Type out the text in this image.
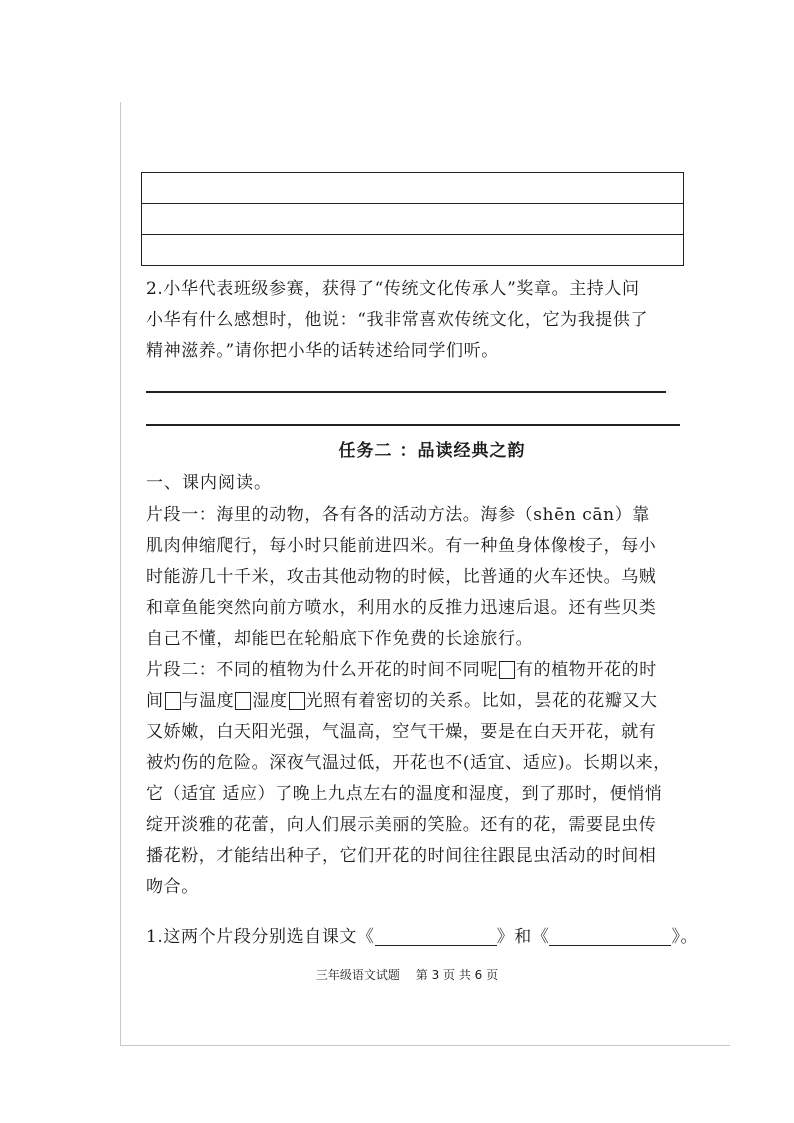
2.小华代表班级参赛，获得了“传统文化传承人”奖章。主持人问
小华有什么感想时，他说：“我非常喜欢传统文化，它为我提供了
精神滋养。”请你把小华的话转述给同学们听。
任务二 ：品读经典之韵
一、课内阅读。
片段一：海里的动物，各有各的活动方法。海参（shēn cān）靠
肌肉伸缩爬行，每小时只能前进四米。有一种鱼身体像梭子，每小
时能游几十千米，攻击其他动物的时候，比普通的火车还快。乌贼
和章鱼能突然向前方喷水，利用水的反推力迅速后退。还有些贝类
自己不懂，却能巴在轮船底下作免费的长途旅行。
片段二：不同的植物为什么开花的时间不同呢 有的植物开花的时
间 与温度 湿度 光照有着密切的关系。比如，昙花的花瓣又大
又娇嫩，白天阳光强，气温高，空气干燥，要是在白天开花，就有
被灼伤的危险。深夜气温过低，开花也不(适宜、适应)。长期以来，
它（适宜 适应）了晚上九点左右的温度和湿度，到了那时，便悄悄
绽开淡雅的花蕾，向人们展示美丽的笑脸。还有的花，需要昆虫传
播花粉，才能结出种子，它们开花的时间往往跟昆虫活动的时间相
吻合。
1.这两个片段分别选自课文《	》和《	》。
三年级语文试题 第 3 页 共 6 页
